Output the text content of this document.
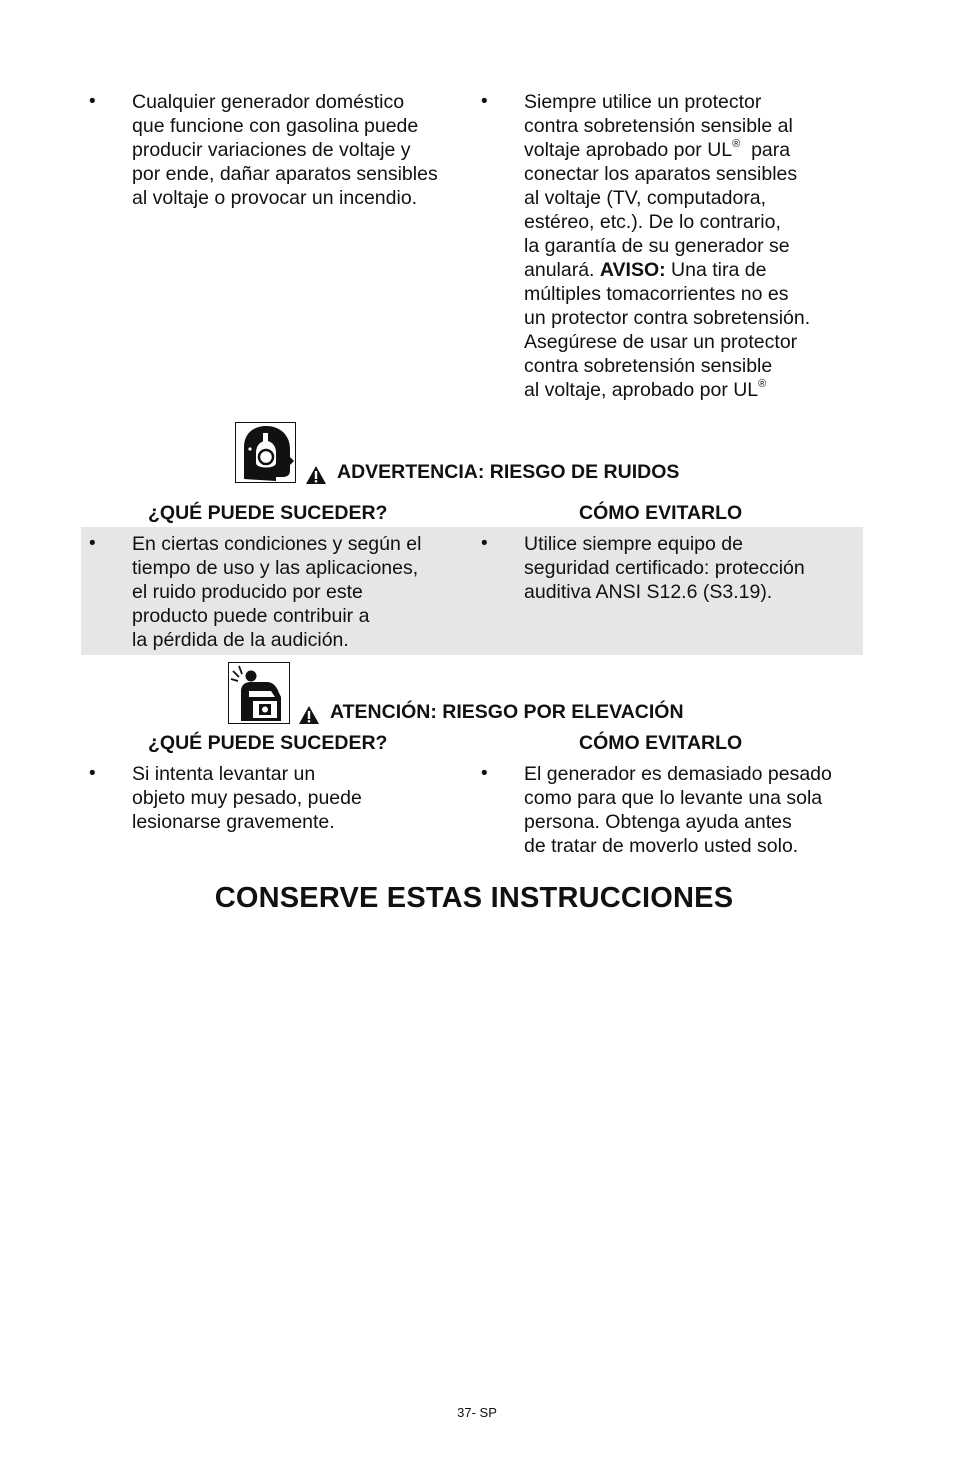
• Cualquier generador doméstico
que funcione con gasolina puede
producir variaciones de voltaje y
por ende, dañar aparatos sensibles
al voltaje o provocar un incendio.
• Siempre utilice un protector
contra sobretensión sensible al
voltaje aprobado por UL®  para
conectar los aparatos sensibles
al voltaje (TV, computadora,
estéreo, etc.). De lo contrario,
la garantía de su generador se
anulará. AVISO: Una tira de
múltiples tomacorrientes no es
un protector contra sobretensión.
Asegúrese de usar un protector
contra sobretensión sensible
al voltaje, aprobado por UL®
ADVERTENCIA: RIESGO DE RUIDOS
¿QUÉ PUEDE SUCEDER?	CÓMO EVITARLO
• En ciertas condiciones y según el
tiempo de uso y las aplicaciones,
el ruido producido por este
producto puede contribuir a
la pérdida de la audición.
• Utilice siempre equipo de
seguridad certificado: protección
auditiva ANSI S12.6 (S3.19).
ATENCIÓN: RIESGO POR ELEVACIÓN
¿QUÉ PUEDE SUCEDER?	CÓMO EVITARLO
• Si intenta levantar un
objeto muy pesado, puede
lesionarse gravemente.
• El generador es demasiado pesado
como para que lo levante una sola
persona. Obtenga ayuda antes
de tratar de moverlo usted solo.
CONSERVE ESTAS INSTRUCCIONES
37- SP
